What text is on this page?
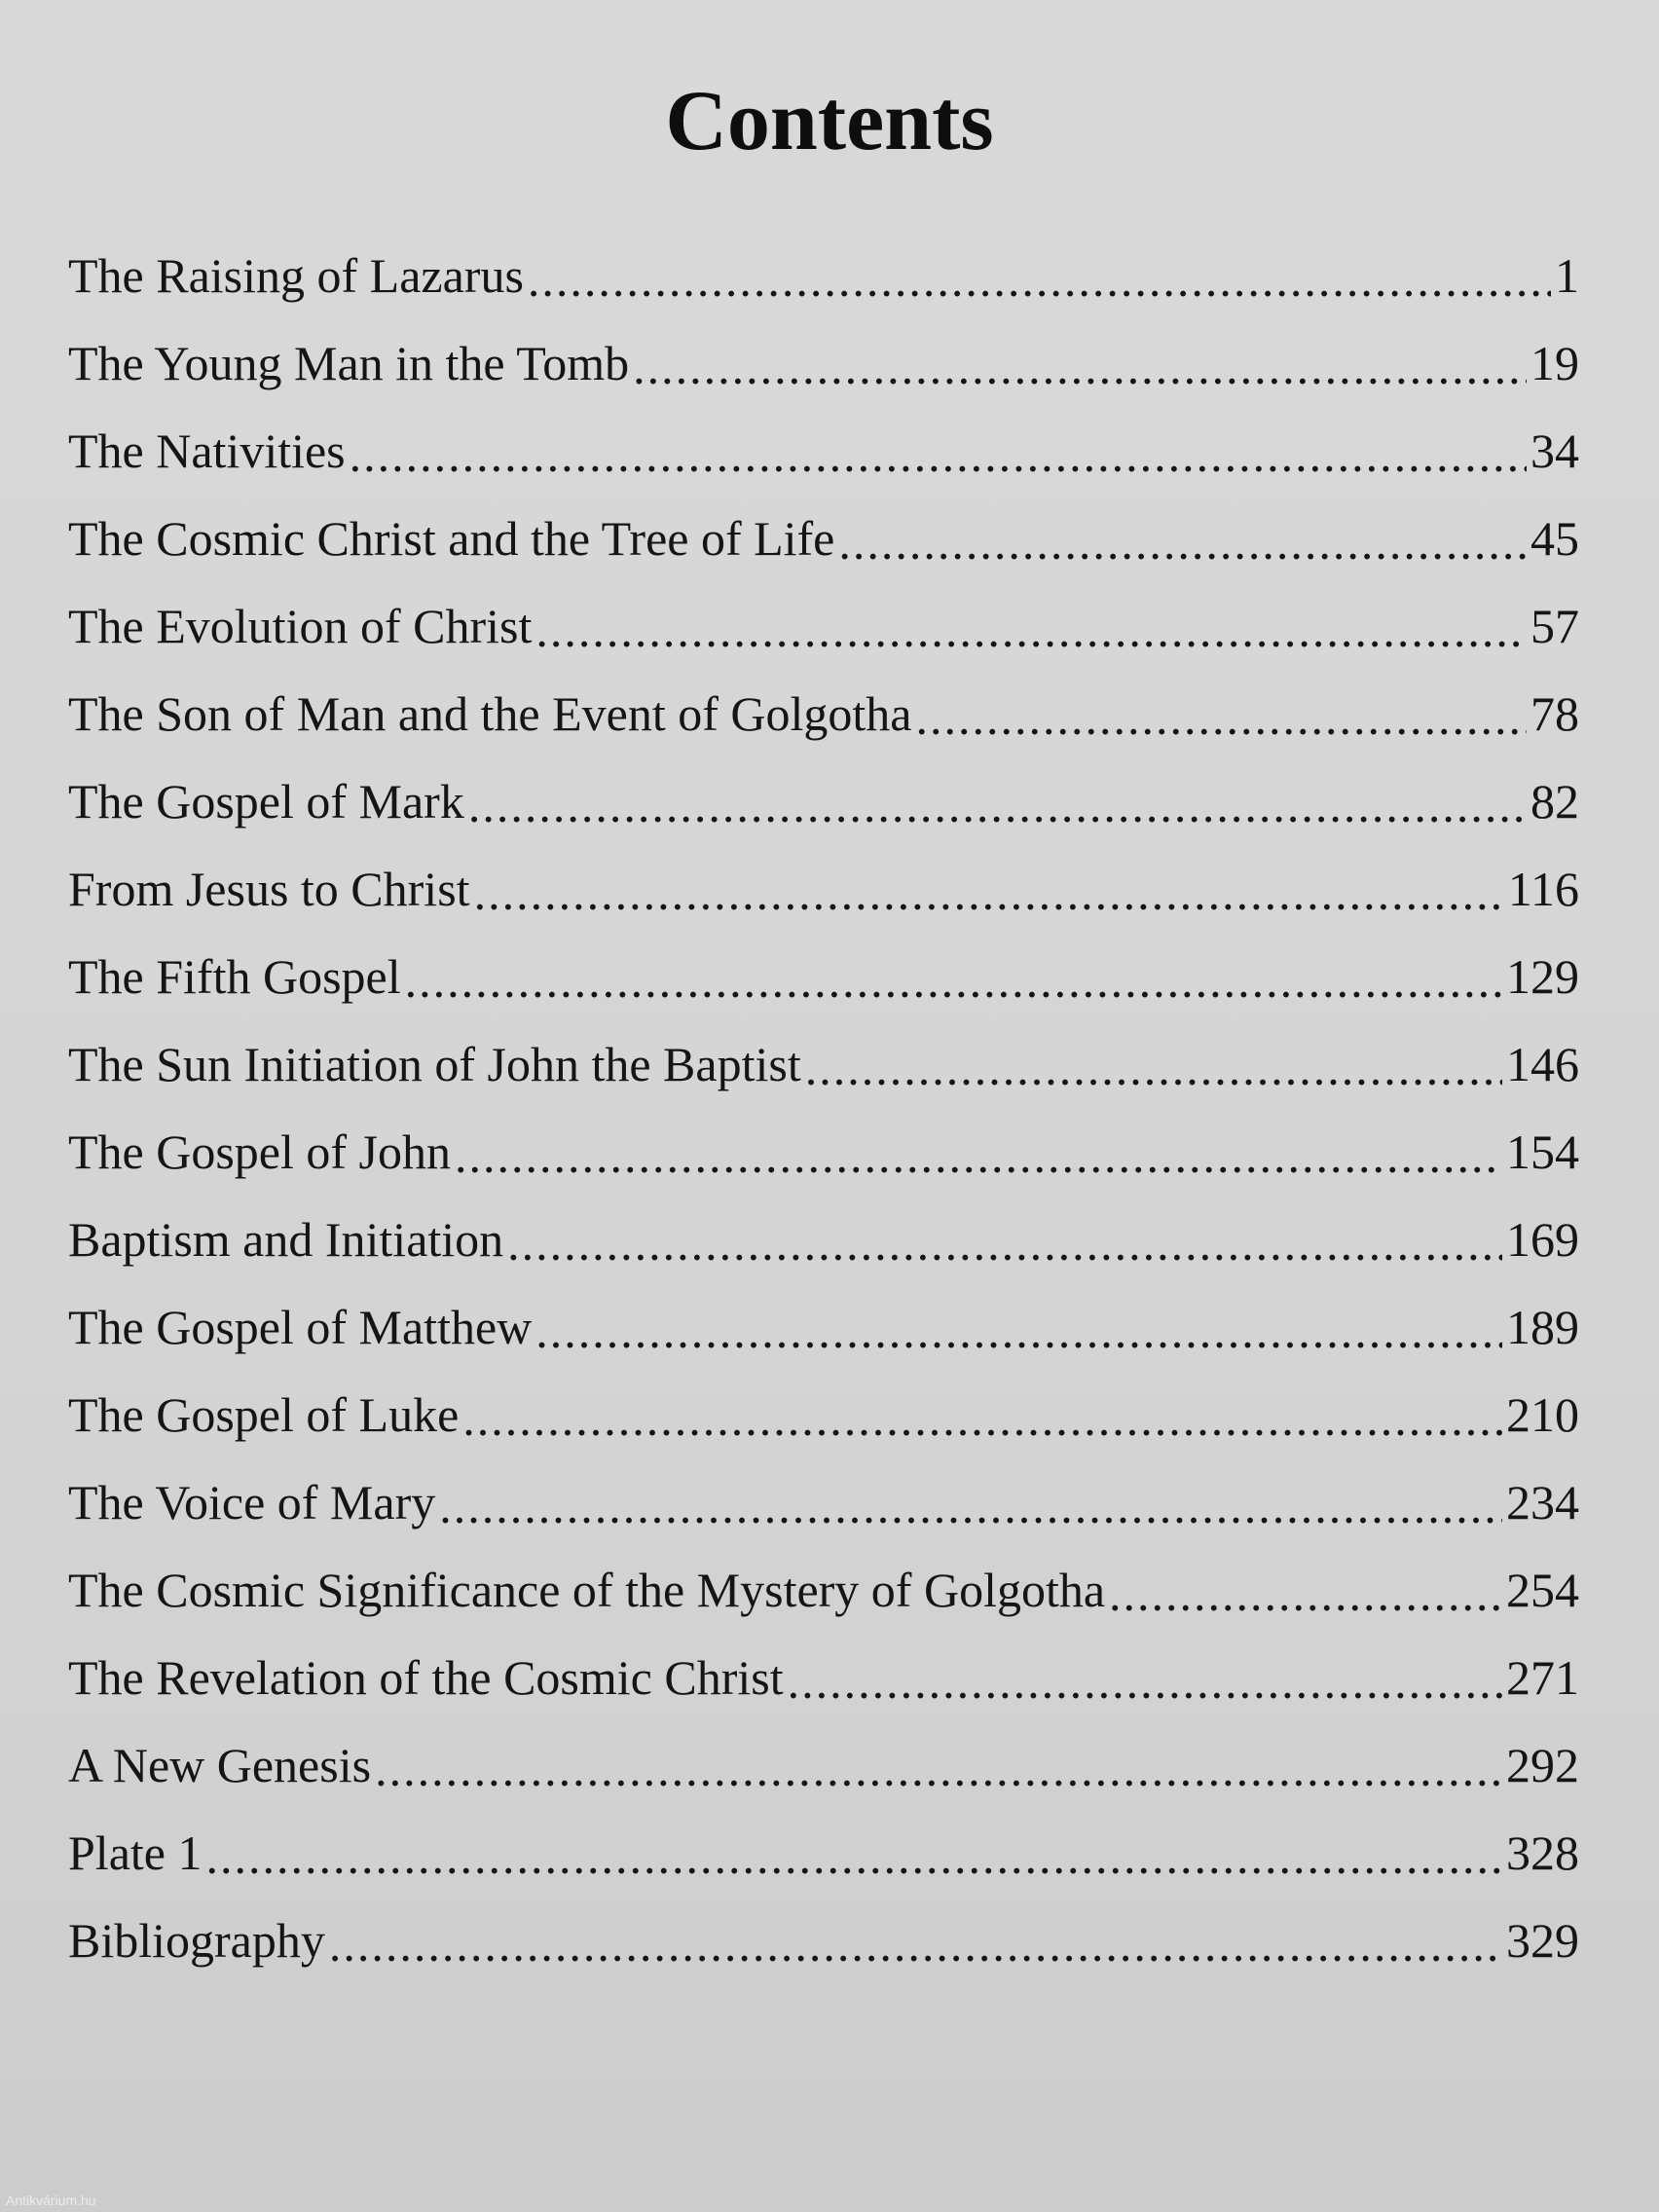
Contents
The Raising of Lazarus .....	1
The Young Man in the Tomb .....	19
The Nativities .....	34
The Cosmic Christ and the Tree of Life .....	45
The Evolution of Christ .....	57
The Son of Man and the Event of Golgotha .....	78
The Gospel of Mark .....	82
From Jesus to Christ .....	116
The Fifth Gospel .....	129
The Sun Initiation of John the Baptist .....	146
The Gospel of John .....	154
Baptism and Initiation .....	169
The Gospel of Matthew .....	189
The Gospel of Luke .....	210
The Voice of Mary .....	234
The Cosmic Significance of the Mystery of Golgotha .....	254
The Revelation of the Cosmic Christ .....	271
A New Genesis .....	292
Plate 1 .....	328
Bibliography .....	329
Antikvárium.hu
